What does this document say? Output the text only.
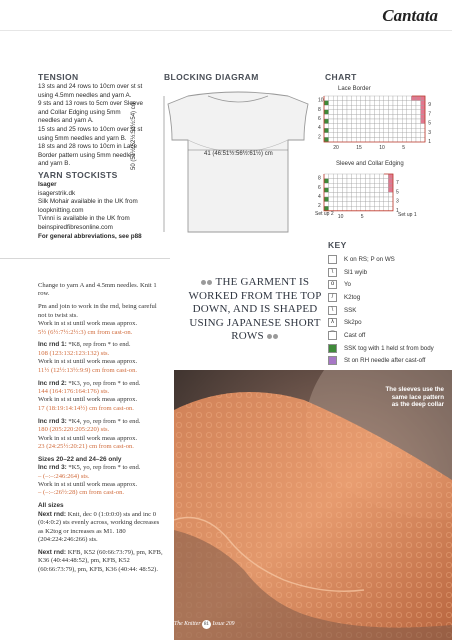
Cantata
TENSION
13 sts and 24 rows to 10cm over st st
using 4.5mm needles and yarn A.
9 sts and 13 rows to 5cm over Sleeve
and Collar Edging using 5mm
needles and yarn A.
15 sts and 25 rows to 10cm over st st
using 5mm needles and yarn B.
18 sts and 28 rows to 10cm in Lace
Border pattern using 5mm needles
and yarn B.
YARN STOCKISTS
Isager
isagerstrik.dk
Silk Mohair available in the UK from
loopknitting.com
Tvinni is available in the UK from
beinspiredfibresonline.com
For general abbreviations, see p88
BLOCKING DIAGRAM
41 (46:51½:56½:61½) cm
50 (51½:52½:53½:54) cm
CHART
Lace Border
10
8
6
4
2
9
7
5
3
1
20	15	10	5
Sleeve and Collar Edging
8
6
4
2
7
5
3
1
10	5
Set up 2	Set up 1
KEY
K on RS; P on WS
\	Sl1 wyib
o	Yo
/	K2tog
\	SSK
λ	Sk2po
⌒ Cast off
SSK tog with 1 held st from body
St on RH needle after cast-off

Change to yarn A and 4.5mm needles. Knit 1 row.

Pm and join to work in the rnd, being careful not to twist sts.
Work in st st until work meas approx.
5½ (6½:7½:2½:3) cm from cast-on.

Inc rnd 1: *K8, rep from * to end.
108 (123:132:123:132) sts.
Work in st st until work meas approx.
11½ (12½:13½:9:9) cm from cast-on.

Inc rnd 2: *K3, yo, rep from * to end.
144 (164:176:164:176) sts.
Work in st st until work meas approx.
17 (18:19:14:14½) cm from cast-on.

Inc rnd 3: *K4, yo, rep from * to end.
180 (205:220:205:220) sts.
Work in st st until work meas approx.
23 (24:25½:20:21) cm from cast-on.

Sizes 20–22 and 24–26 only
Inc rnd 3: *K5, yo, rep from * to end.
– (–:–:246:264) sts.
Work in st st until work meas approx.
– (–:–:26½:28) cm from cast-on.

All sizes
Next rnd: Knit, dec 0 (1:0:0:0) sts and inc 0 (0:4:0:2) sts evenly across, working decreases as K2tog or increases as M1. 180 (204:224:246:266) sts.

Next rnd: KFB, K52 (60:66:73:79), pm, KFB, K36 (40:44:48:52), pm, KFB, K52 (60:66:73:79), pm, KFB, K36 (40:44: 48:52).

THE GARMENT IS WORKED FROM THE TOP DOWN, AND IS SHAPED USING JAPANESE SHORT ROWS
The sleeves use the same lace pattern as the deep collar
The Knitter 81 Issue 209
